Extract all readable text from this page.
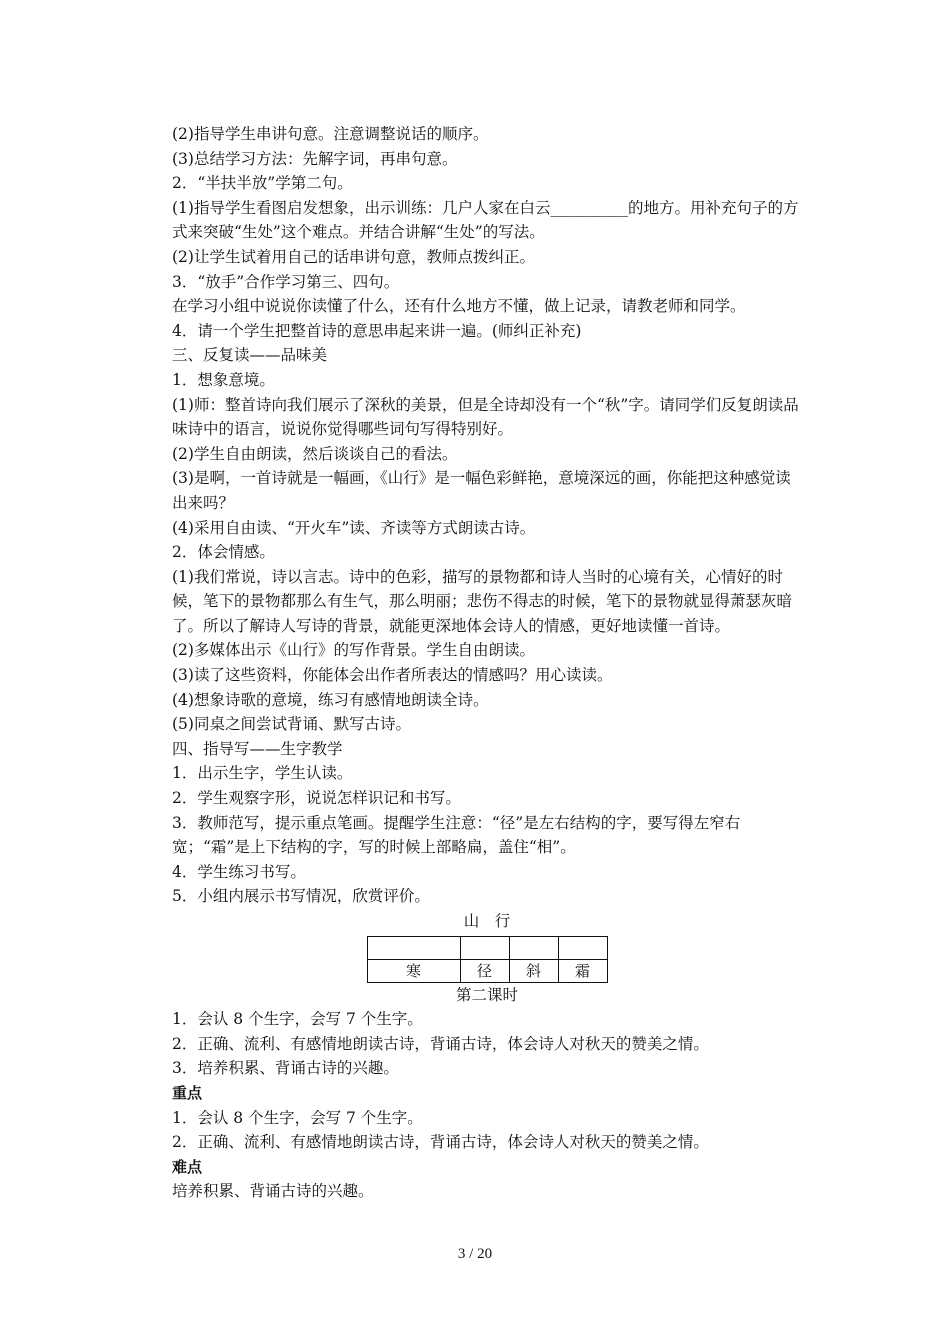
(2)指导学生串讲句意。注意调整说话的顺序。

(3)总结学习方法：先解字词，再串句意。

2．“半扶半放”学第二句。

(1)指导学生看图启发想象，出示训练：几户人家在白云__________的地方。用补充句子的方式来突破“生处”这个难点。并结合讲解“生处”的写法。

(2)让学生试着用自己的话串讲句意，教师点拨纠正。

3．“放手”合作学习第三、四句。

在学习小组中说说你读懂了什么，还有什么地方不懂，做上记录，请教老师和同学。

4．请一个学生把整首诗的意思串起来讲一遍。(师纠正补充)

三、反复读——品味美

1．想象意境。

(1)师：整首诗向我们展示了深秋的美景，但是全诗却没有一个“秋”字。请同学们反复朗读品味诗中的语言，说说你觉得哪些词句写得特别好。

(2)学生自由朗读，然后谈谈自己的看法。

(3)是啊，一首诗就是一幅画，《山行》是一幅色彩鲜艳，意境深远的画，你能把这种感觉读出来吗？

(4)采用自由读、“开火车”读、齐读等方式朗读古诗。

2．体会情感。

(1)我们常说，诗以言志。诗中的色彩，描写的景物都和诗人当时的心境有关，心情好的时候，笔下的景物都那么有生气，那么明丽；悲伤不得志的时候，笔下的景物就显得萧瑟灰暗了。所以了解诗人写诗的背景，就能更深地体会诗人的情感，更好地读懂一首诗。

(2)多媒体出示《山行》的写作背景。学生自由朗读。

(3)读了这些资料，你能体会出作者所表达的情感吗？用心读读。

(4)想象诗歌的意境，练习有感情地朗读全诗。

(5)同桌之间尝试背诵、默写古诗。

四、指导写——生字教学

1．出示生字，学生认读。

2．学生观察字形，说说怎样识记和书写。

3．教师范写，提示重点笔画。提醒学生注意：“径”是左右结构的字，要写得左窄右宽；“霜”是上下结构的字，写的时候上部略扁，盖住“相”。

4．学生练习书写。

5．小组内展示书写情况，欣赏评价。

山　行

寒	径	斜	霜

第二课时

1．会认 8 个生字，会写 7 个生字。

2．正确、流利、有感情地朗读古诗，背诵古诗，体会诗人对秋天的赞美之情。

3．培养积累、背诵古诗的兴趣。

重点

1．会认 8 个生字，会写 7 个生字。

2．正确、流利、有感情地朗读古诗，背诵古诗，体会诗人对秋天的赞美之情。

难点

培养积累、背诵古诗的兴趣。

3 / 20
